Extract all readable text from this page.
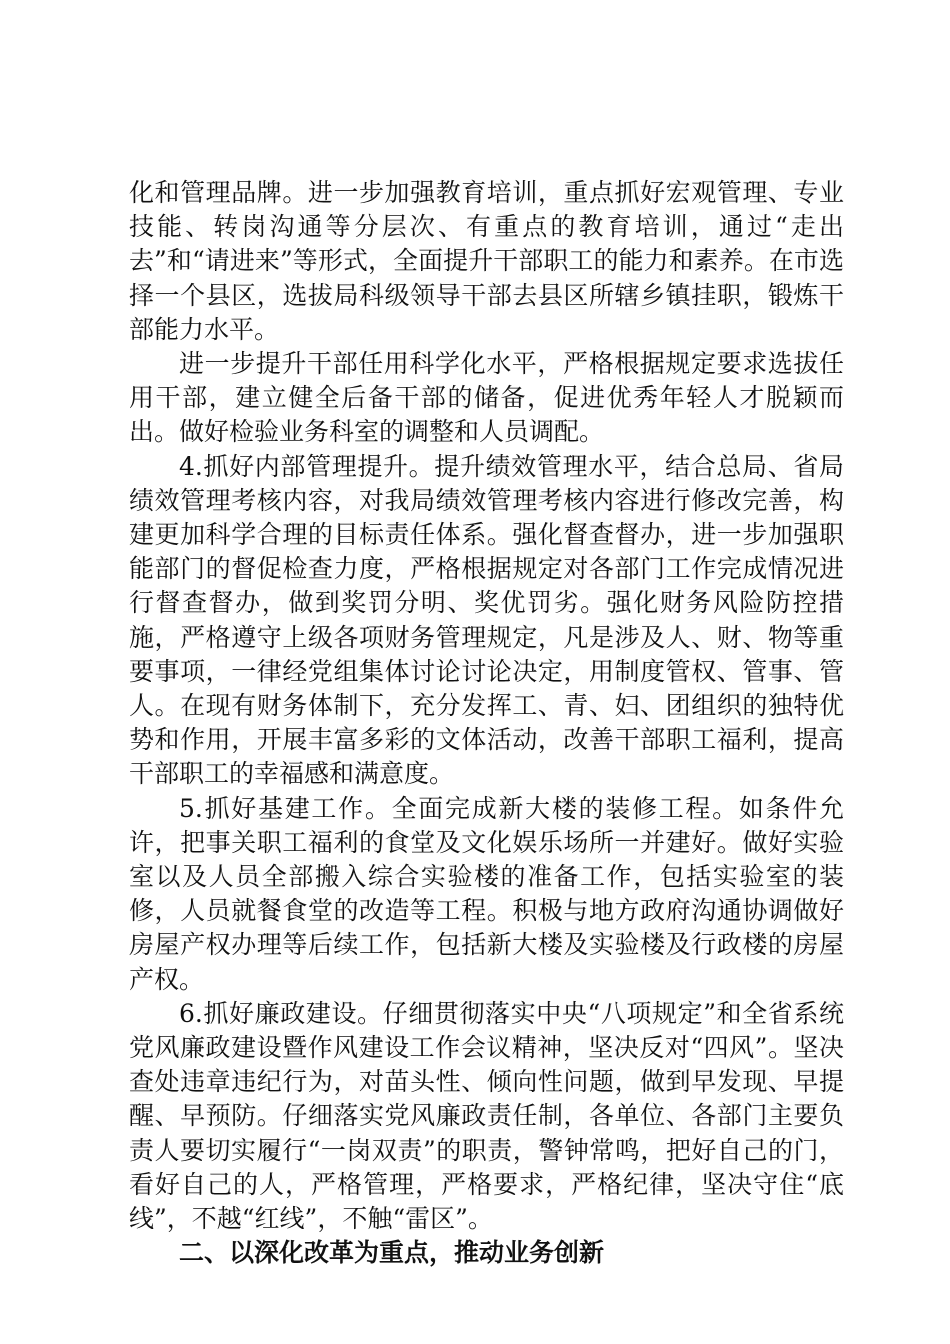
化和管理品牌。进一步加强教育培训，重点抓好宏观管理、专业技能、转岗沟通等分层次、有重点的教育培训，通过“走出去”和“请进来”等形式，全面提升干部职工的能力和素养。在市选择一个县区，选拔局科级领导干部去县区所辖乡镇挂职，锻炼干部能力水平。

进一步提升干部任用科学化水平，严格根据规定要求选拔任用干部，建立健全后备干部的储备，促进优秀年轻人才脱颖而出。做好检验业务科室的调整和人员调配。

4.抓好内部管理提升。提升绩效管理水平，结合总局、省局绩效管理考核内容，对我局绩效管理考核内容进行修改完善，构建更加科学合理的目标责任体系。强化督查督办，进一步加强职能部门的督促检查力度，严格根据规定对各部门工作完成情况进行督查督办，做到奖罚分明、奖优罚劣。强化财务风险防控措施，严格遵守上级各项财务管理规定，凡是涉及人、财、物等重要事项，一律经党组集体讨论讨论决定，用制度管权、管事、管人。在现有财务体制下，充分发挥工、青、妇、团组织的独特优势和作用，开展丰富多彩的文体活动，改善干部职工福利，提高干部职工的幸福感和满意度。

5.抓好基建工作。全面完成新大楼的装修工程。如条件允许，把事关职工福利的食堂及文化娱乐场所一并建好。做好实验室以及人员全部搬入综合实验楼的准备工作，包括实验室的装修，人员就餐食堂的改造等工程。积极与地方政府沟通协调做好房屋产权办理等后续工作，包括新大楼及实验楼及行政楼的房屋产权。

6.抓好廉政建设。仔细贯彻落实中央“八项规定”和全省系统党风廉政建设暨作风建设工作会议精神，坚决反对“四风”。坚决查处违章违纪行为，对苗头性、倾向性问题，做到早发现、早提醒、早预防。仔细落实党风廉政责任制，各单位、各部门主要负责人要切实履行“一岗双责”的职责，警钟常鸣，把好自己的门，看好自己的人，严格管理，严格要求，严格纪律，坚决守住“底线”，不越“红线”，不触“雷区”。

二、以深化改革为重点，推动业务创新
